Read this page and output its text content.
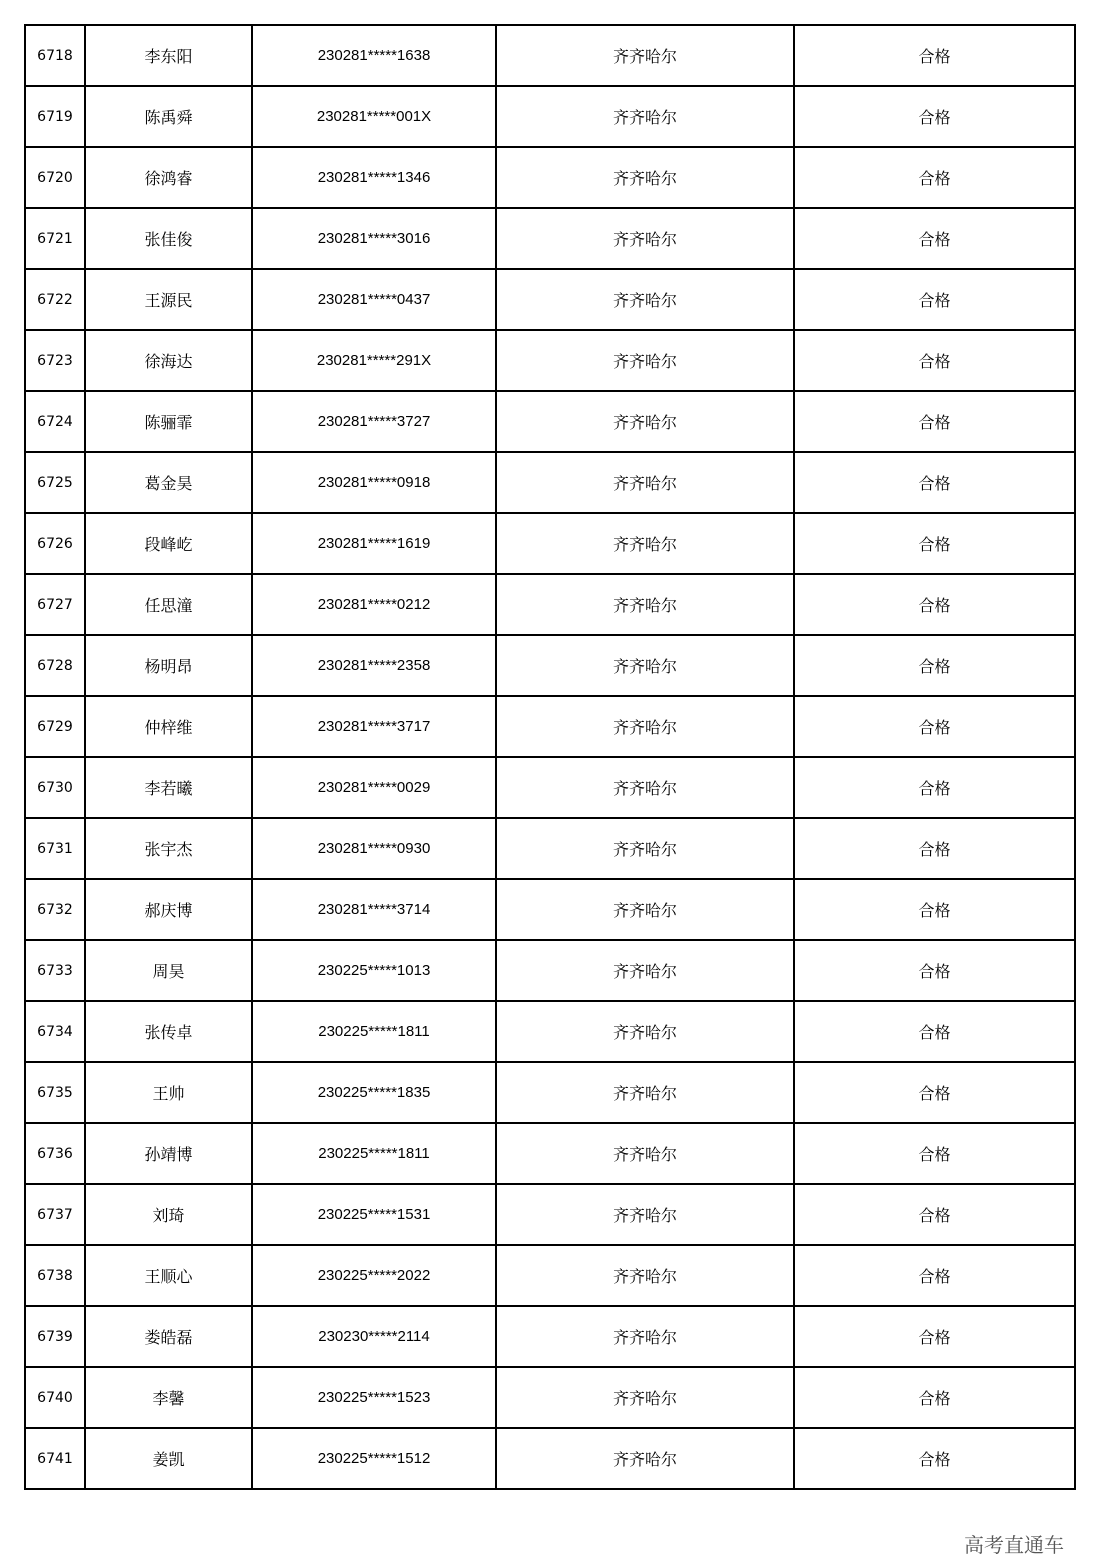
6718	李东阳	230281*****1638	齐齐哈尔	合格
6719	陈禹舜	230281*****001X	齐齐哈尔	合格
6720	徐鸿睿	230281*****1346	齐齐哈尔	合格
6721	张佳俊	230281*****3016	齐齐哈尔	合格
6722	王源民	230281*****0437	齐齐哈尔	合格
6723	徐海达	230281*****291X	齐齐哈尔	合格
6724	陈骊霏	230281*****3727	齐齐哈尔	合格
6725	葛金昊	230281*****0918	齐齐哈尔	合格
6726	段峰屹	230281*****1619	齐齐哈尔	合格
6727	任思潼	230281*****0212	齐齐哈尔	合格
6728	杨明昂	230281*****2358	齐齐哈尔	合格
6729	仲梓维	230281*****3717	齐齐哈尔	合格
6730	李若曦	230281*****0029	齐齐哈尔	合格
6731	张宇杰	230281*****0930	齐齐哈尔	合格
6732	郝庆博	230281*****3714	齐齐哈尔	合格
6733	周昊	230225*****1013	齐齐哈尔	合格
6734	张传卓	230225*****1811	齐齐哈尔	合格
6735	王帅	230225*****1835	齐齐哈尔	合格
6736	孙靖博	230225*****1811	齐齐哈尔	合格
6737	刘琦	230225*****1531	齐齐哈尔	合格
6738	王顺心	230225*****2022	齐齐哈尔	合格
6739	娄皓磊	230230*****2114	齐齐哈尔	合格
6740	李馨	230225*****1523	齐齐哈尔	合格
6741	姜凯	230225*****1512	齐齐哈尔	合格
高考直通车
